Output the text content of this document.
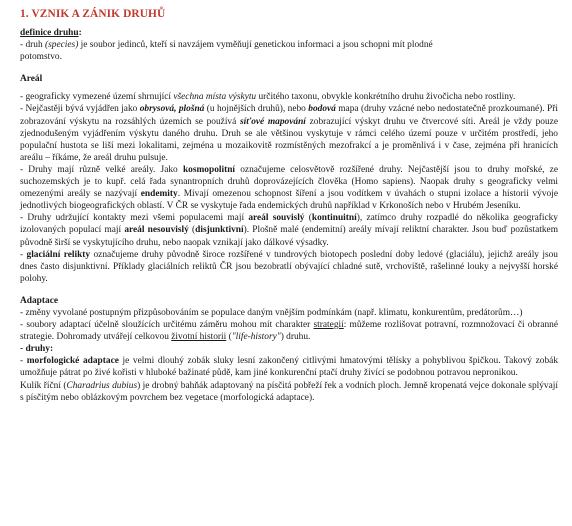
1. VZNIK A ZÁNIK DRUHŮ

definice druhu:

- druh (species) je soubor jedinců, kteří si navzájem vyměňují genetickou informaci a jsou schopni mít plodné
potomstvo.

Areál

- geograficky vymezené území shrnující všechna místa výskytu určitého taxonu, obvykle konkrétního druhu živočicha nebo rostliny.

- Nejčastěji bývá vyjádřen jako obrysová, plošná (u hojnějších druhů), nebo bodová mapa (druhy vzácné nebo nedostatečně prozkoumané). Při zobrazování výskytu na rozsáhlých územích se používá síťové mapování zobrazující výskyt druhu ve čtvercové síti. Areál je vždy pouze zjednodušeným vyjádřením výskytu daného druhu. Druh se ale většinou vyskytuje v rámci celého území pouze v určitém prostředí, jeho populační hustota se liší mezi lokalitami, zejména u mozaikovitě rozmístěných mezofrakcí a je proměnlivá i v čase, zejména při hranicích areálu – říkáme, že areál druhu pulsuje.

- Druhy mají různě velké areály. Jako kosmopolitní označujeme celosvětově rozšířené druhy. Nejčastější jsou to druhy mořské, ze suchozemských je to kupř. celá řada synantropních druhů doprovázejících člověka (Homo sapiens). Naopak druhy s geograficky velmi omezenými areály se nazývají endemity. Mívají omezenou schopnost šíření a jsou vodítkem v úvahách o stupni izolace a historii vývoje jednotlivých biogeografických oblastí. V ČR se vyskytuje řada endemických druhů například v Krkonoších nebo v Hrubém Jeseníku.

- Druhy udržující kontakty mezi všemi populacemi mají areál souvislý (kontinuitní), zatímco druhy rozpadlé do několika geograficky izolovaných populací mají areál nesouvislý (disjunktivní). Plošně malé (endemitní) areály mívají reliktní charakter. Jsou buď pozůstatkem původně širší se vyskytujícího druhu, nebo naopak vznikají jako dálkové výsadky.

- glaciální relikty označujeme druhy původně široce rozšířené v tundrových biotopech poslední doby ledové (glaciálu), jejichž areály jsou dnes často disjunktivní. Příklady glaciálních reliktů ČR jsou bezobratlí obývající chladné sutě, vrchoviště, rašelinné louky a nejvyšší horské polohy.

Adaptace

- změny vyvolané postupným přizpůsobováním se populace daným vnějším podmínkám (např. klimatu, konkurentům, predátorům…)

- soubory adaptací účelně sloužících určitému záměru mohou mít charakter strategií: můžeme rozlišovat potravní, rozmnožovací či obranné strategie. Dohromady utvářejí celkovou životní historii ("life-history") druhu.

- druhy:

- morfologické adaptace je velmi dlouhý zobák sluky lesní zakončený citlivými hmatovými tělísky a pohyblivou špičkou. Takový zobák umožňuje pátrat po živé kořisti v hluboké bažinaté půdě, kam jiné konkurenční ptačí druhy živící se podobnou potravou nepronikou.

Kulík říční (Charadrius dubius) je drobný bahňák adaptovaný na písčitá pobřeží řek a vodních ploch. Jemně kropenatá vejce dokonale splývají s písčitým nebo oblázkovým povrchem bez vegetace (morfologická adaptace).
